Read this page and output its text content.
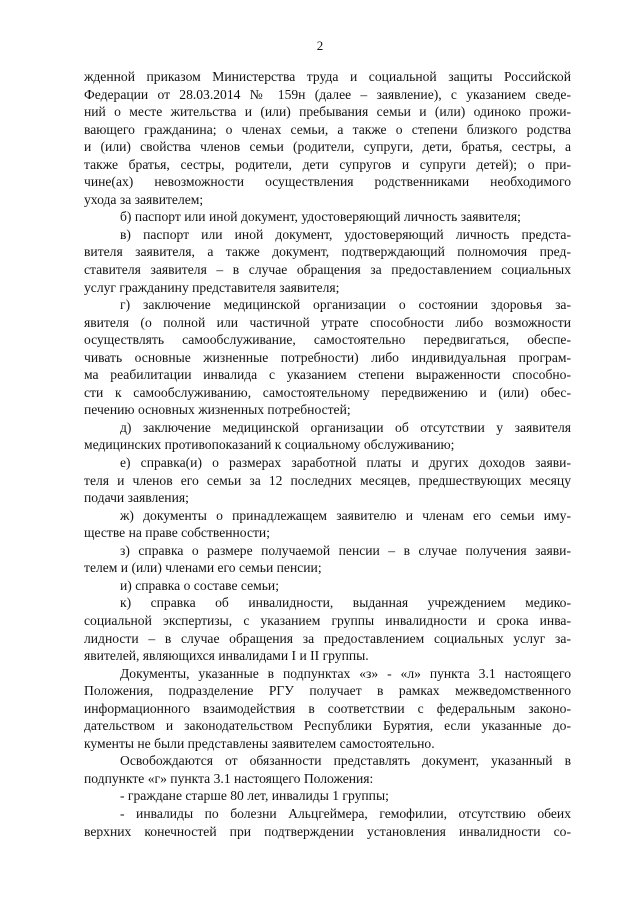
2
жденной приказом Министерства труда и социальной защиты Российской
Федерации от 28.03.2014 № 159н (далее – заявление), с указанием сведе-
ний о месте жительства и (или) пребывания семьи и (или) одиноко прожи-
вающего гражданина; о членах семьи, а также о степени близкого родства
и (или) свойства членов семьи (родители, супруги, дети, братья, сестры, а
также братья, сестры, родители, дети супругов и супруги детей); о при-
чине(ах) невозможности осуществления родственниками необходимого
ухода за заявителем;
б) паспорт или иной документ, удостоверяющий личность заявителя;
в) паспорт или иной документ, удостоверяющий личность предста-
вителя заявителя, а также документ, подтверждающий полномочия пред-
ставителя заявителя – в случае обращения за предоставлением социальных
услуг гражданину представителя заявителя;
г) заключение медицинской организации о состоянии здоровья за-
явителя (о полной или частичной утрате способности либо возможности
осуществлять самообслуживание, самостоятельно передвигаться, обеспе-
чивать основные жизненные потребности) либо индивидуальная програм-
ма реабилитации инвалида с указанием степени выраженности способно-
сти к самообслуживанию, самостоятельному передвижению и (или) обес-
печению основных жизненных потребностей;
д) заключение медицинской организации об отсутствии у заявителя
медицинских противопоказаний к социальному обслуживанию;
е) справка(и) о размерах заработной платы и других доходов заяви-
теля и членов его семьи за 12 последних месяцев, предшествующих месяцу
подачи заявления;
ж) документы о принадлежащем заявителю и членам его семьи иму-
ществе на праве собственности;
з) справка о размере получаемой пенсии – в случае получения заяви-
телем и (или) членами его семьи пенсии;
и) справка о составе семьи;
к) справка об инвалидности, выданная учреждением медико-
социальной экспертизы, с указанием группы инвалидности и срока инва-
лидности – в случае обращения за предоставлением социальных услуг за-
явителей, являющихся инвалидами I и II группы.
Документы, указанные в подпунктах «з» - «л» пункта 3.1 настоящего
Положения, подразделение РГУ получает в рамках межведомственного
информационного взаимодействия в соответствии с федеральным законо-
дательством и законодательством Республики Бурятия, если указанные до-
кументы не были представлены заявителем самостоятельно.
Освобождаются от обязанности представлять документ, указанный в
подпункте «г» пункта 3.1 настоящего Положения:
- граждане старше 80 лет, инвалиды 1 группы;
- инвалиды по болезни Альцгеймера, гемофилии, отсутствию обеих
верхних конечностей при подтверждении установления инвалидности со-
